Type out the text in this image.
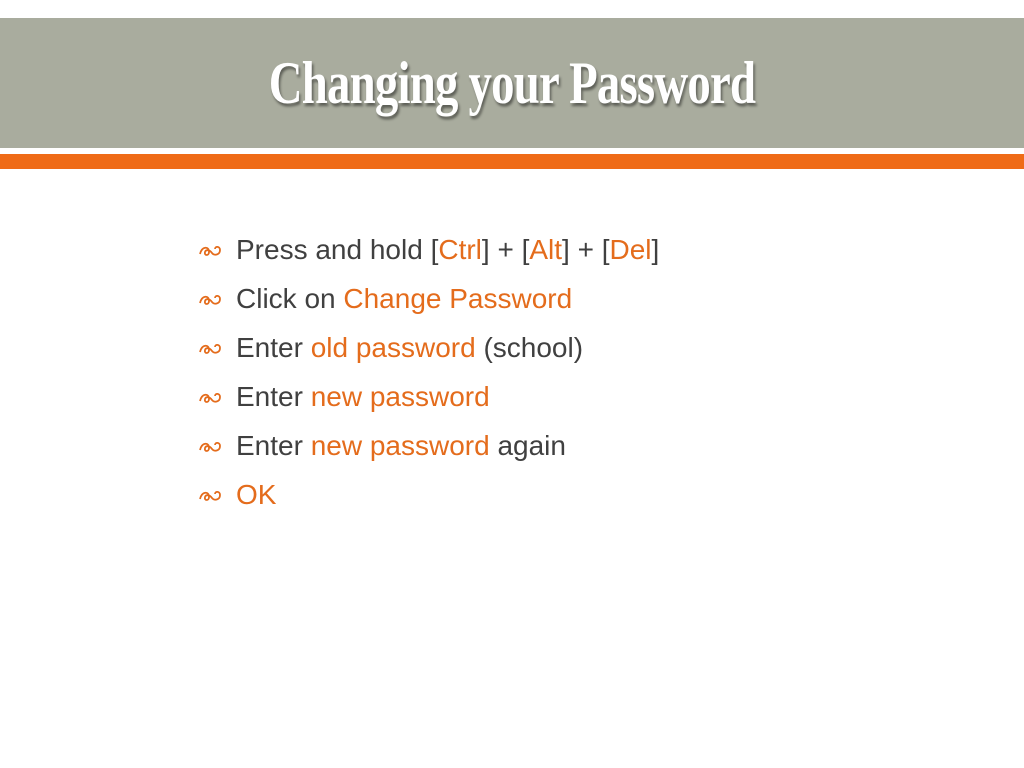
Changing your Password
Press and hold [Ctrl] + [Alt] + [Del]
Click on Change Password
Enter old password (school)
Enter new password
Enter new password again
OK
